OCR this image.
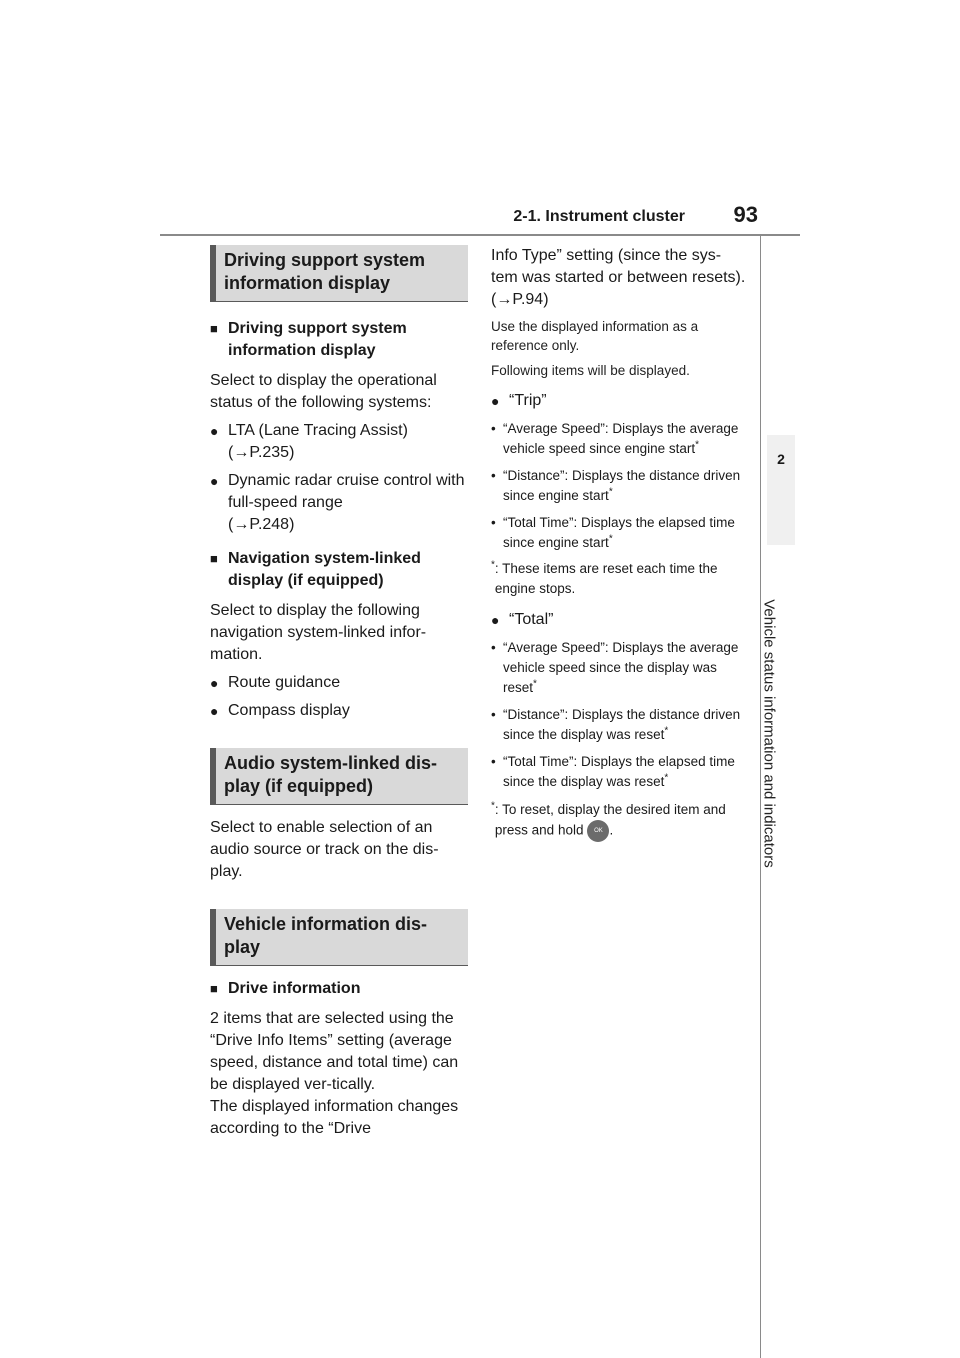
2-1. Instrument cluster 93
2
Vehicle status information and indicators
Driving support system information display
■ Driving support system information display

Select to display the operational status of the following systems:

● LTA (Lane Tracing Assist)
(→P.235)
● Dynamic radar cruise control with full-speed range
(→P.248)
■ Navigation system-linked display (if equipped)

Select to display the following navigation system-linked infor-mation.

● Route guidance
● Compass display
Audio system-linked dis-play (if equipped)

Select to enable selection of an audio source or track on the dis-play.

Vehicle information dis-play
■ Drive information

2 items that are selected using the “Drive Info Items” setting (average speed, distance and total time) can be displayed ver-tically.

The displayed information changes according to the “Drive

Info Type” setting (since the sys-tem was started or between resets). (→P.94)

Use the displayed information as a reference only.

Following items will be displayed.

● “Trip”
• “Average Speed”: Displays the average vehicle speed since engine start*
• “Distance”: Displays the distance driven since engine start*
• “Total Time”: Displays the elapsed time since engine start*
* : These items are reset each time the engine stops.
● “Total”
• “Average Speed”: Displays the average vehicle speed since the display was reset*
• “Distance”: Displays the distance driven since the display was reset*
• “Total Time”: Displays the elapsed time since the display was reset*
* : To reset, display the desired item and press and hold OK .
